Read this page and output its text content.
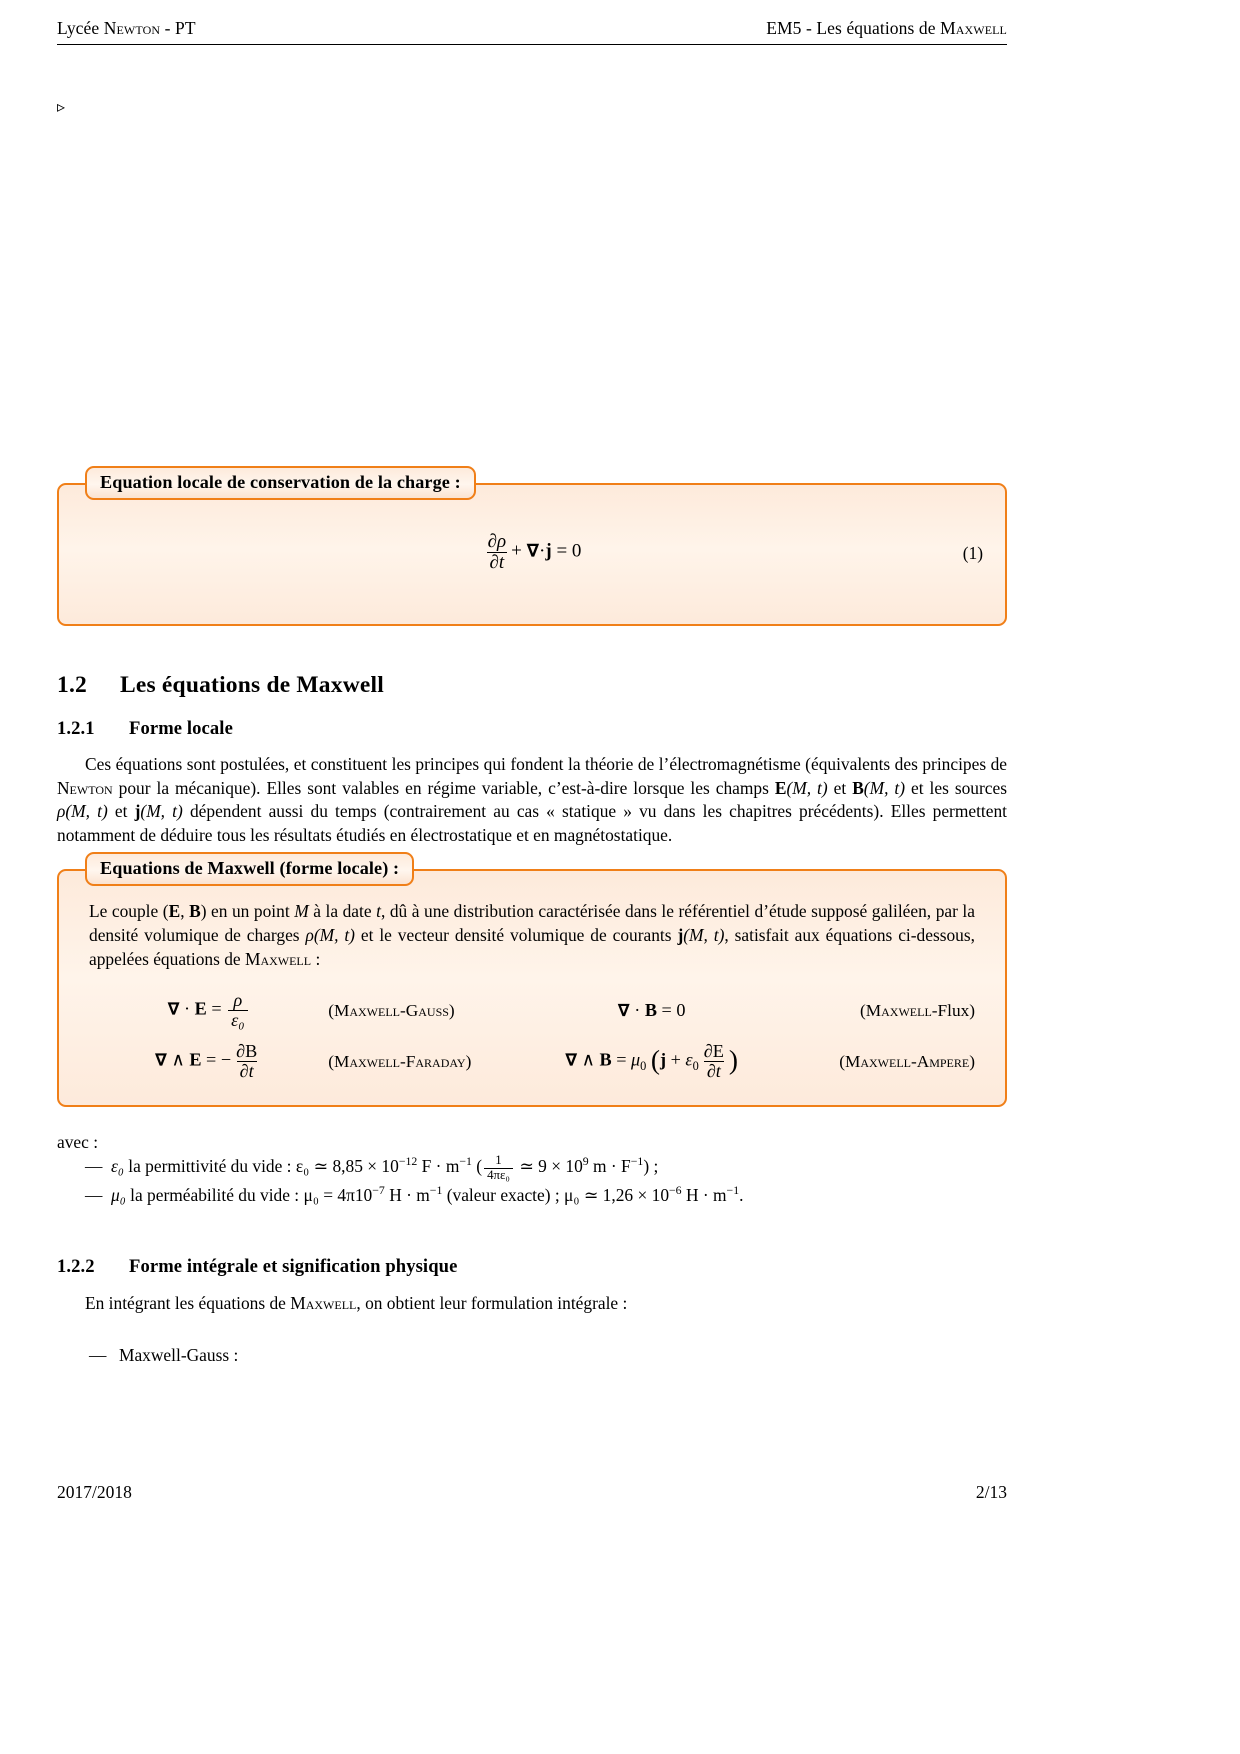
Lycée Newton - PT	EM5 - Les équations de Maxwell
Equation locale de conservation de la charge :
$\frac{\partial\rho}{\partial t} + \nabla\cdot j = 0$	(1)
1.2 Les équations de Maxwell
1.2.1 Forme locale

Ces équations sont postulées, et constituent les principes qui fondent la théorie de l’électromagnétisme (équivalents des principes de Newton pour la mécanique). Elles sont valables en régime variable, c’est-à-dire lorsque les champs E(M, t) et B(M, t) et les sources ρ(M, t) et j(M, t) dépendent aussi du temps (contrairement au cas « statique » vu dans les chapitres précédents). Elles permettent notamment de déduire tous les résultats étudiés en électrostatique et en magnétostatique.

Equations de Maxwell (forme locale) :
Le couple (E, B) en un point M à la date t, dû à une distribution caractérisée dans le référentiel d’étude supposé galiléen, par la densité volumique de charges ρ(M, t) et le vecteur densité volumique de courants j(M, t), satisfait aux équations ci-dessous, appelées équations de Maxwell :
∇ · $E = \frac{\rho}{\text{ε₀}}$	(Maxwell-Gauss)	∇ · B = 0	(Maxwell-Flux)
∇ ∧ E = − $\frac{\partial B}{\partial t}$	(Maxwell-Faraday)	∇ ∧ $B = \mu_0$ ($j + \varepsilon_0 \frac{\partial E}{\partial t}$ )	(Maxwell-Ampere)

avec :

— ε₀ la permittivité du vide : ε₀ ≃ $8,85 \times 10^{-12}$ $F \cdot m^{-1}$ ( $\frac{1}{\text{4πε₀}}$ ≃ $9 \times 10^9$ $m \cdot F^{-1}$) ;
— μ₀ la perméabilité du vide : $\mu_0 = 4\pi 10^{-7}$ $H \cdot m^{-1}$ (valeur exacte) ; μ₀ ≃ $1,26 \times 10^{-6}$ $H \cdot m^{-1}$.
1.2.2 Forme intégrale et signification physique

En intégrant les équations de Maxwell, on obtient leur formulation intégrale :

— Maxwell-Gauss :
▹
2017/2018	2/13
